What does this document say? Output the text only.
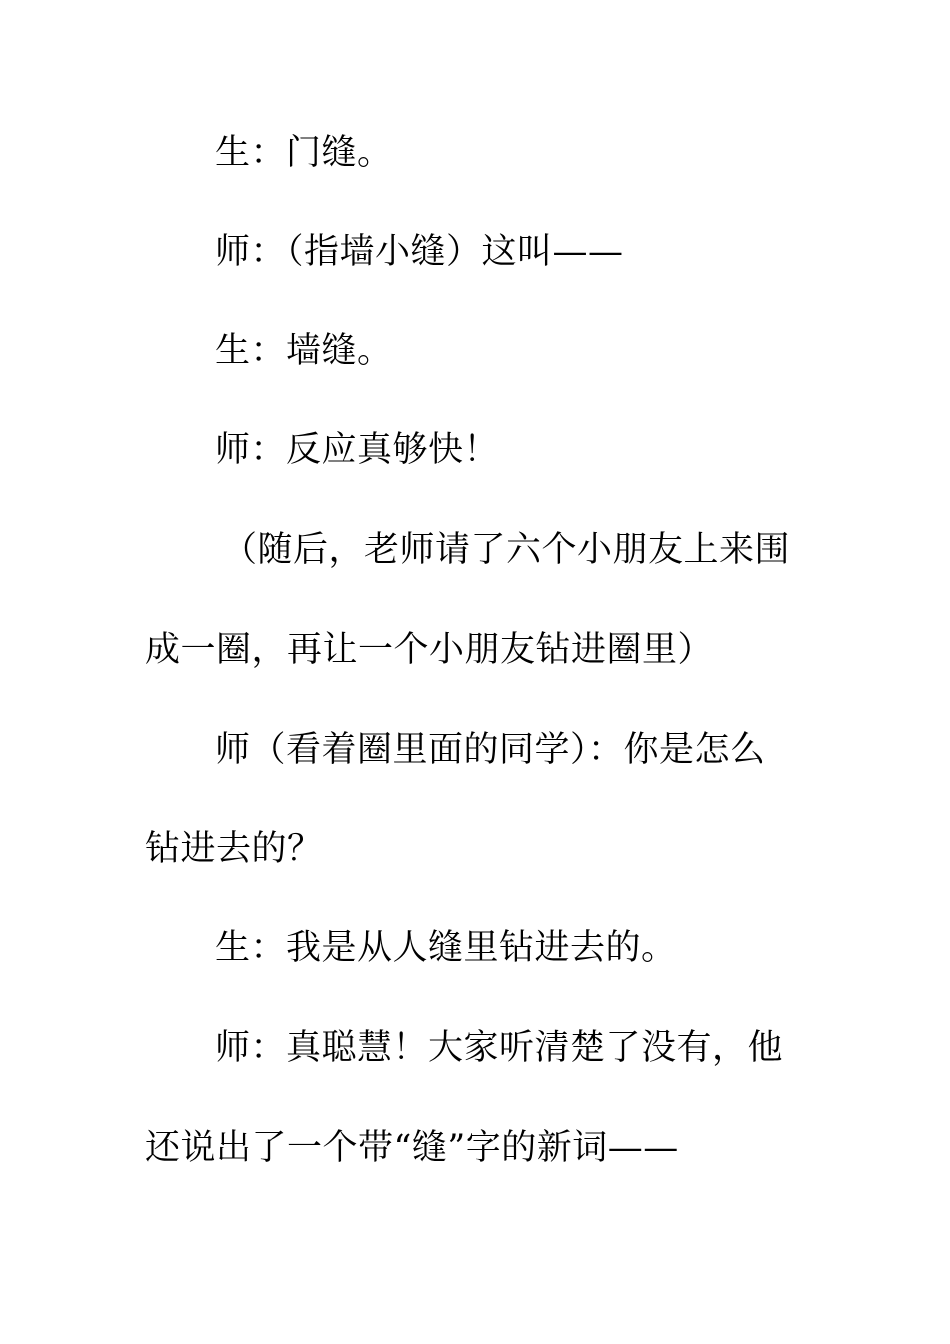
生：门缝。
师：（指墙小缝）这叫——
生：墙缝。
师：反应真够快！
（随后，老师请了六个小朋友上来围
成一圈，再让一个小朋友钻进圈里）
师（看着圈里面的同学）：你是怎么
钻进去的？
生：我是从人缝里钻进去的。
师：真聪慧！大家听清楚了没有，他
还说出了一个带“缝”字的新词——
